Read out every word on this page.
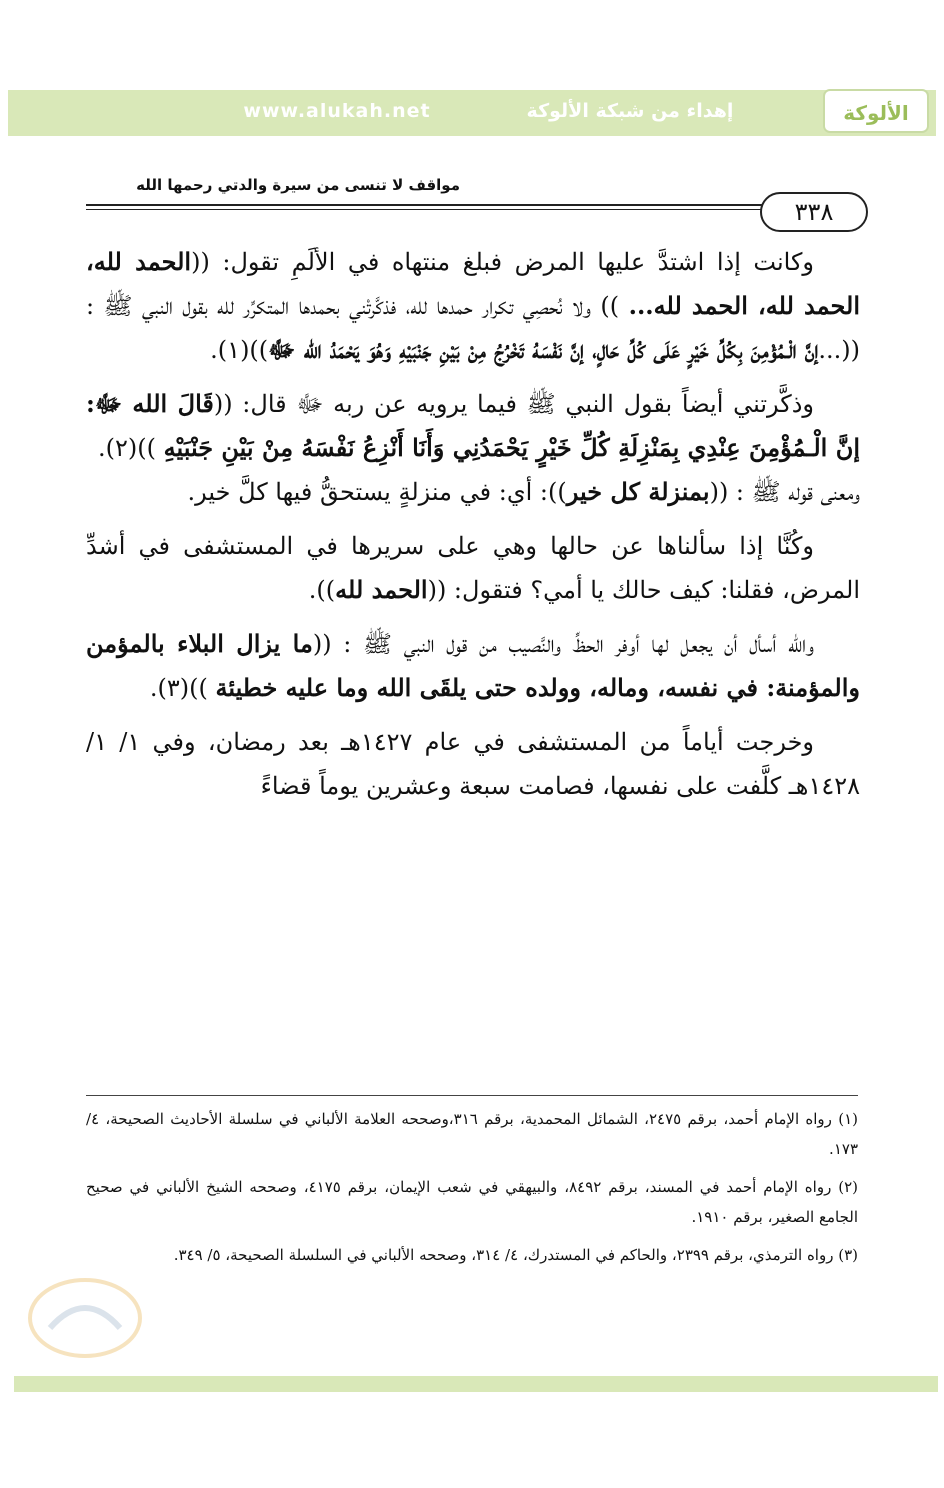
www.alukah.net	إهداء من شبكة الألوكة	الألوكة
مواقف لا تنسى من سيرة والدتي رحمها الله
٣٣٨

وكانت إذا اشتدَّ عليها المرض فبلغ منتهاه في الألَمِ تقول: ((الحمد لله، الحمد لله، الحمد لله... )) ولا نُحصِي تكرار حمدها لله، فذكَّرتْني بحمدها المتكرِّر لله بقول النبي ﷺ : ((...إنَّ الْـمُؤْمِنَ بِكُلِّ خَيْرٍ عَلَى كُلِّ حَالٍ، إنَّ نَفْسَهُ تَخْرُجُ مِنْ بَيْنِ جَنْبَيْهِ وَهُوَ يَحْمَدُ الله ﷻ))(١).

وذكَّرتني أيضاً بقول النبي ﷺ فيما يرويه عن ربه ﷻ قال: ((قَالَ الله ﷻ: إنَّ الْـمُؤْمِنَ عِنْدِي بِمَنْزِلَةِ كُلِّ خَيْرٍ يَحْمَدُنِي وَأَنَا أَنْزِعُ نَفْسَهُ مِنْ بَيْنِ جَنْبَيْهِ ))(٢).
ومعنى قوله ﷺ : ((بمنزلة كل خير)): أي: في منزلةٍ يستحقُّ فيها كلَّ خير.

وكُنَّا إذا سألناها عن حالها وهي على سريرها في المستشفى في أشدِّ المرض، فقلنا: كيف حالك يا أمي؟ فتقول: ((الحمد لله)).

والله أسأل أن يجعل لها أوفر الحظِّ والنَّصيب من قول النبي ﷺ : ((ما يزال البلاء بالمؤمن والمؤمنة: في نفسه، وماله، وولده حتى يلقَى الله وما عليه خطيئة ))(٣).

وخرجت أياماً من المستشفى في عام ١٤٢٧هـ بعد رمضان، وفي ١/ ١/ ١٤٢٨هـ كلَّفت على نفسها، فصامت سبعة وعشرين يوماً قضاءً

(١) رواه الإمام أحمد، برقم ٢٤٧٥، الشمائل المحمدية، برقم ٣١٦،وصححه العلامة الألباني في سلسلة الأحاديث الصحيحة، ٤/ ١٧٣.

(٢) رواه الإمام أحمد في المسند، برقم ٨٤٩٢، والبيهقي في شعب الإيمان، برقم ٤١٧٥، وصححه الشيخ الألباني في صحيح الجامع الصغير، برقم ١٩١٠.

(٣) رواه الترمذي، برقم ٢٣٩٩، والحاكم في المستدرك، ٤/ ٣١٤، وصححه الألباني في السلسلة الصحيحة، ٥/ ٣٤٩.
